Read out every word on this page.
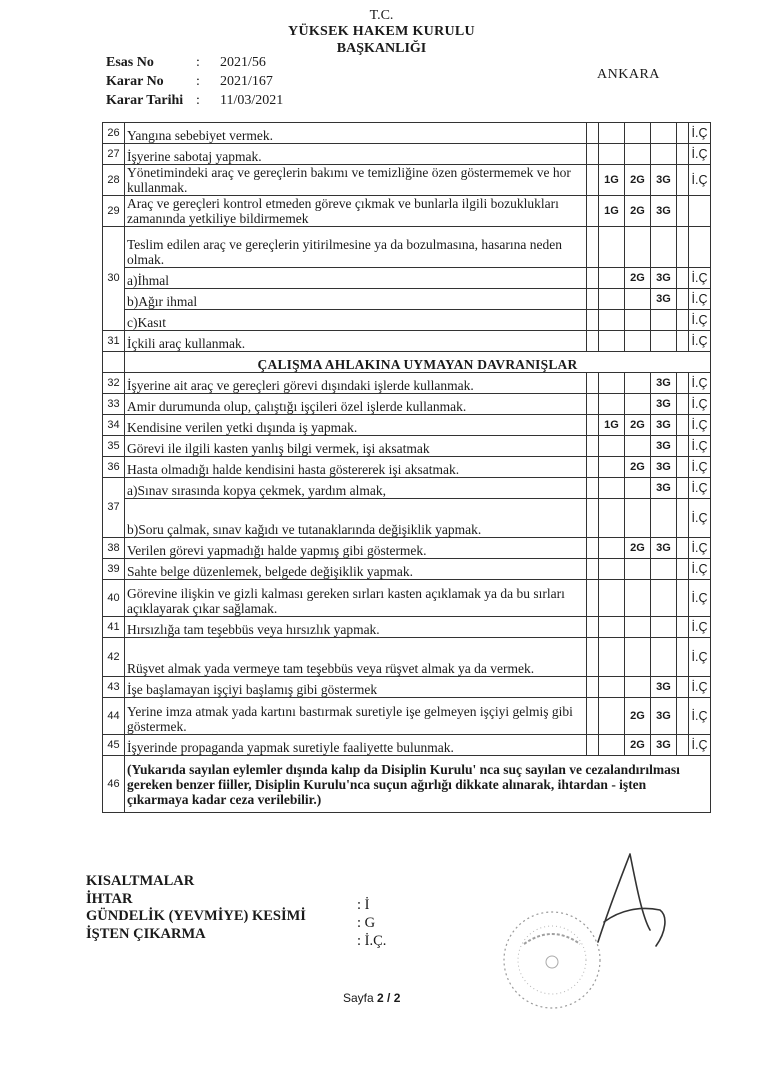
T.C.
YÜKSEK HAKEM KURULU
BAŞKANLIĞI
Esas No	:	2021/56
Karar No	:	2021/167
Karar Tarihi	:	11/03/2021
ANKARA
26	Yangına sebebiyet vermek.						İ.Ç
27	İşyerine sabotaj yapmak.						İ.Ç
28	Yönetimindeki araç ve gereçlerin bakımı ve temizliğine özen göstermemek ve hor kullanmak.		1G	2G	3G		İ.Ç
29	Araç ve gereçleri kontrol etmeden göreve çıkmak ve bunlarla ilgili bozuklukları zamanında yetkiliye bildirmemek		1G	2G	3G		
30	Teslim edilen araç ve gereçlerin yitirilmesine ya da bozulmasına, hasarına neden olmak.						
	a)İhmal			2G	3G		İ.Ç
	b)Ağır ihmal				3G		İ.Ç
	c)Kasıt						İ.Ç
31	İçkili araç kullanmak.						İ.Ç
	ÇALIŞMA AHLAKINA UYMAYAN DAVRANIŞLAR						
32	İşyerine ait araç ve gereçleri görevi dışındaki işlerde kullanmak.				3G		İ.Ç
33	Amir durumunda olup, çalıştığı işçileri özel işlerde kullanmak.				3G		İ.Ç
34	Kendisine verilen yetki dışında iş yapmak.		1G	2G	3G		İ.Ç
35	Görevi ile ilgili kasten yanlış bilgi vermek, işi aksatmak				3G		İ.Ç
36	Hasta olmadığı halde kendisini hasta göstererek işi aksatmak.			2G	3G		İ.Ç
37	a)Sınav sırasında kopya çekmek, yardım almak,				3G		İ.Ç
	b)Soru çalmak, sınav kağıdı ve tutanaklarında değişiklik yapmak.						İ.Ç
38	Verilen görevi yapmadığı halde yapmış gibi göstermek.			2G	3G		İ.Ç
39	Sahte belge düzenlemek, belgede değişiklik yapmak.						İ.Ç
40	Görevine ilişkin ve gizli kalması gereken sırları kasten açıklamak ya da bu sırları açıklayarak çıkar sağlamak.						İ.Ç
41	Hırsızlığa tam teşebbüs veya hırsızlık yapmak.						İ.Ç
42	Rüşvet almak yada vermeye tam teşebbüs veya rüşvet almak ya da vermek.						İ.Ç
43	İşe başlamayan işçiyi başlamış gibi göstermek				3G		İ.Ç
44	Yerine imza atmak yada kartını bastırmak suretiyle işe gelmeyen işçiyi gelmiş gibi göstermek.			2G	3G		İ.Ç
45	İşyerinde propaganda yapmak suretiyle faaliyette bulunmak.			2G	3G		İ.Ç
46	(Yukarıda sayılan eylemler dışında kalıp da Disiplin Kurulu' nca suç sayılan ve cezalandırılması gereken benzer fiiller, Disiplin Kurulu'nca suçun ağırlığı dikkate alınarak, ihtardan - işten çıkarmaya kadar ceza verilebilir.)						
KISALTMALAR
İHTAR
GÜNDELİK (YEVMİYE) KESİMİ
İŞTEN ÇIKARMA
: İ
: G
: İ.Ç.
Sayfa 2 / 2
